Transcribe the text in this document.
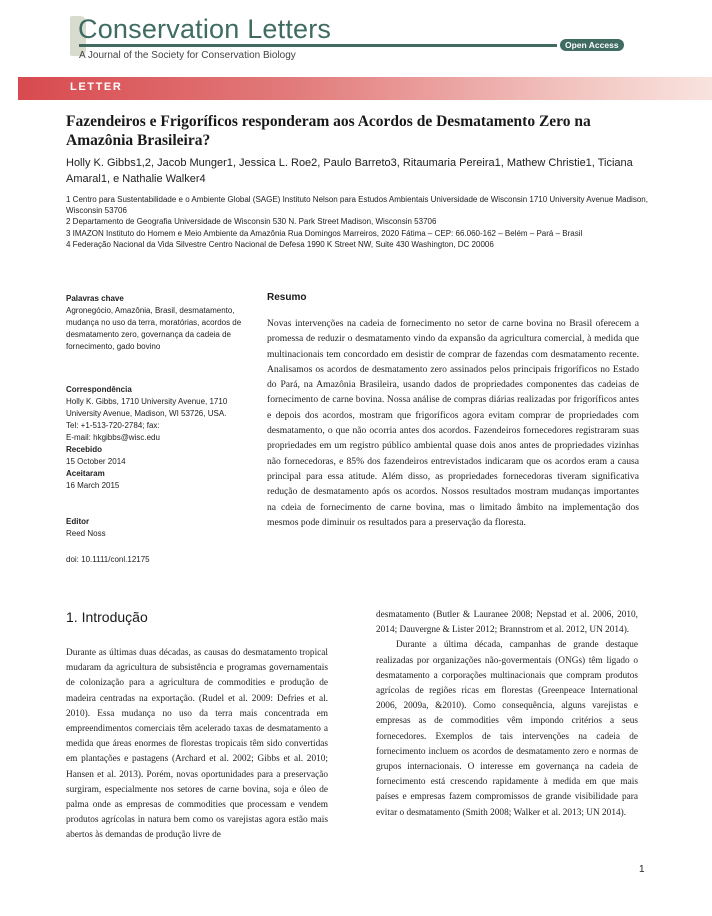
Conservation Letters
Open Access
A Journal of the Society for Conservation Biology
LETTER
Fazendeiros e Frigoríficos responderam aos Acordos de Desmatamento Zero na Amazônia Brasileira?
Holly K. Gibbs1,2, Jacob Munger1, Jessica L. Roe2, Paulo Barreto3, Ritaumaria Pereira1, Mathew Christie1, Ticiana Amaral1, e Nathalie Walker4
1 Centro para Sustentabilidade e o Ambiente Global (SAGE) Instituto Nelson para Estudos Ambientais Universidade de Wisconsin 1710 University Avenue Madison, Wisconsin 53706
2 Departamento de Geografia Universidade de Wisconsin 530 N. Park Street Madison, Wisconsin 53706
3 IMAZON Instituto do Homem e Meio Ambiente da Amazônia Rua Domingos Marreiros, 2020 Fátima – CEP: 66.060-162 – Belém – Pará – Brasil
4 Federação Nacional da Vida Silvestre Centro Nacional de Defesa 1990 K Street NW, Suite 430 Washington, DC 20006
Palavras chave
Agronegócio, Amazônia, Brasil, desmatamento, mudança no uso da terra, moratórias, acordos de desmatamento zero, governança da cadeia de fornecimento, gado bovino
Correspondência
Holly K. Gibbs, 1710 University Avenue, 1710 University Avenue, Madison, WI 53726, USA.
Tel: +1-513-720-2784; fax:
E-mail: hkgibbs@wisc.edu
Recebido
15 October 2014
Aceitaram
16 March 2015
Editor
Reed Noss
doi: 10.1111/conl.12175
Resumo
Novas intervenções na cadeia de fornecimento no setor de carne bovina no Brasil oferecem a promessa de reduzir o desmatamento vindo da expansão da agricultura comercial, à medida que multinacionais tem concordado em desistir de comprar de fazendas com desmatamento recente. Analisamos os acordos de desmatamento zero assinados pelos principais frigoríficos no Estado do Pará, na Amazônia Brasileira, usando dados de propriedades componentes das cadeias de fornecimento de carne bovina. Nossa análise de compras diárias realizadas por frigoríficos antes e depois dos acordos, mostram que frigoríficos agora evitam comprar de propriedades com desmatamento, o que não ocorria antes dos acordos. Fazendeiros fornecedores registraram suas propriedades em um registro público ambiental quase dois anos antes de propriedades vizinhas não fornecedoras, e 85% dos fazendeiros entrevistados indicaram que os acordos eram a causa principal para essa atitude. Além disso, as propriedades fornecedoras tiveram significativa redução de desmatamento após os acordos. Nossos resultados mostram mudanças importantes na cdeia de fornecimento de carne bovina, mas o limitado âmbito na implementação dos mesmos pode diminuir os resultados para a preservação da floresta.
1. Introdução

Durante as últimas duas décadas, as causas do desmatamento tropical mudaram da agricultura de subsistência e programas governamentais de colonização para a agricultura de commodities e produção de madeira centradas na exportação. (Rudel et al. 2009: Defries et al. 2010). Essa mudança no uso da terra mais concentrada em empreendimentos comerciais têm acelerado taxas de desmatamento a medida que áreas enormes de florestas tropicais têm sido convertidas em plantações e pastagens (Archard et al. 2002; Gibbs et al. 2010; Hansen et al. 2013). Porém, novas oportunidades para a preservação surgiram, especialmente nos setores de carne bovina, soja e óleo de palma onde as empresas de commodities que processam e vendem produtos agrícolas in natura bem como os varejistas agora estão mais abertos às demandas de produção livre de

desmatamento (Butler & Lauranee 2008; Nepstad et al. 2006, 2010, 2014; Dauvergne & Lister 2012; Brannstrom et al. 2012, UN 2014).

Durante a última década, campanhas de grande destaque realizadas por organizações não-govermentais (ONGs) têm ligado o desmatamento a corporações multinacionais que compram produtos agrícolas de regiões ricas em florestas (Greenpeace International 2006, 2009a, &2010). Como consequência, alguns varejistas e empresas as de commodities vêm impondo critérios a seus fornecedores. Exemplos de tais intervenções na cadeia de fornecimento incluem os acordos de desmatamento zero e normas de grupos internacionais. O interesse em governança na cadeia de fornecimento está crescendo rapidamente à medida em que mais países e empresas fazem compromissos de grande visibilidade para evitar o desmatamento (Smith 2008; Walker et al. 2013; UN 2014).

1
